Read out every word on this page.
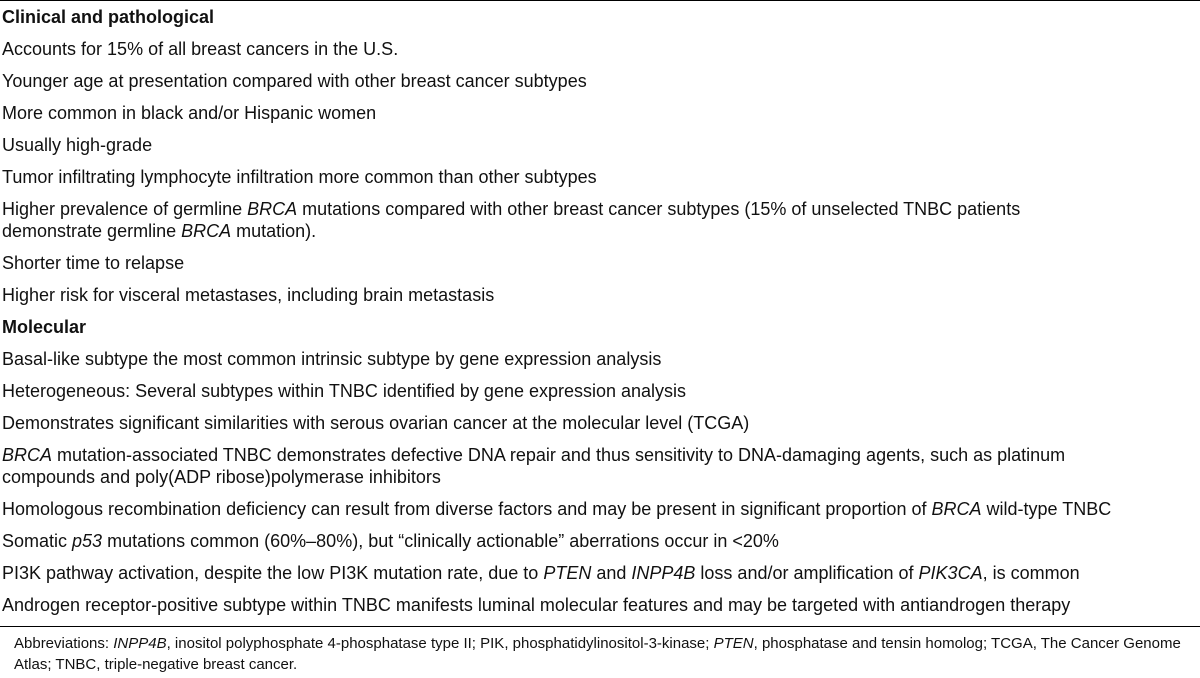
Clinical and pathological
Accounts for 15% of all breast cancers in the U.S.
Younger age at presentation compared with other breast cancer subtypes
More common in black and/or Hispanic women
Usually high-grade
Tumor infiltrating lymphocyte infiltration more common than other subtypes
Higher prevalence of germline BRCA mutations compared with other breast cancer subtypes (15% of unselected TNBC patients demonstrate germline BRCA mutation).
Shorter time to relapse
Higher risk for visceral metastases, including brain metastasis
Molecular
Basal-like subtype the most common intrinsic subtype by gene expression analysis
Heterogeneous: Several subtypes within TNBC identified by gene expression analysis
Demonstrates significant similarities with serous ovarian cancer at the molecular level (TCGA)
BRCA mutation-associated TNBC demonstrates defective DNA repair and thus sensitivity to DNA-damaging agents, such as platinum compounds and poly(ADP ribose)polymerase inhibitors
Homologous recombination deficiency can result from diverse factors and may be present in significant proportion of BRCA wild-type TNBC
Somatic p53 mutations common (60%–80%), but “clinically actionable” aberrations occur in <20%
PI3K pathway activation, despite the low PI3K mutation rate, due to PTEN and INPP4B loss and/or amplification of PIK3CA, is common
Androgen receptor-positive subtype within TNBC manifests luminal molecular features and may be targeted with antiandrogen therapy
Abbreviations: INPP4B, inositol polyphosphate 4-phosphatase type II; PIK, phosphatidylinositol-3-kinase; PTEN, phosphatase and tensin homolog; TCGA, The Cancer Genome Atlas; TNBC, triple-negative breast cancer.
